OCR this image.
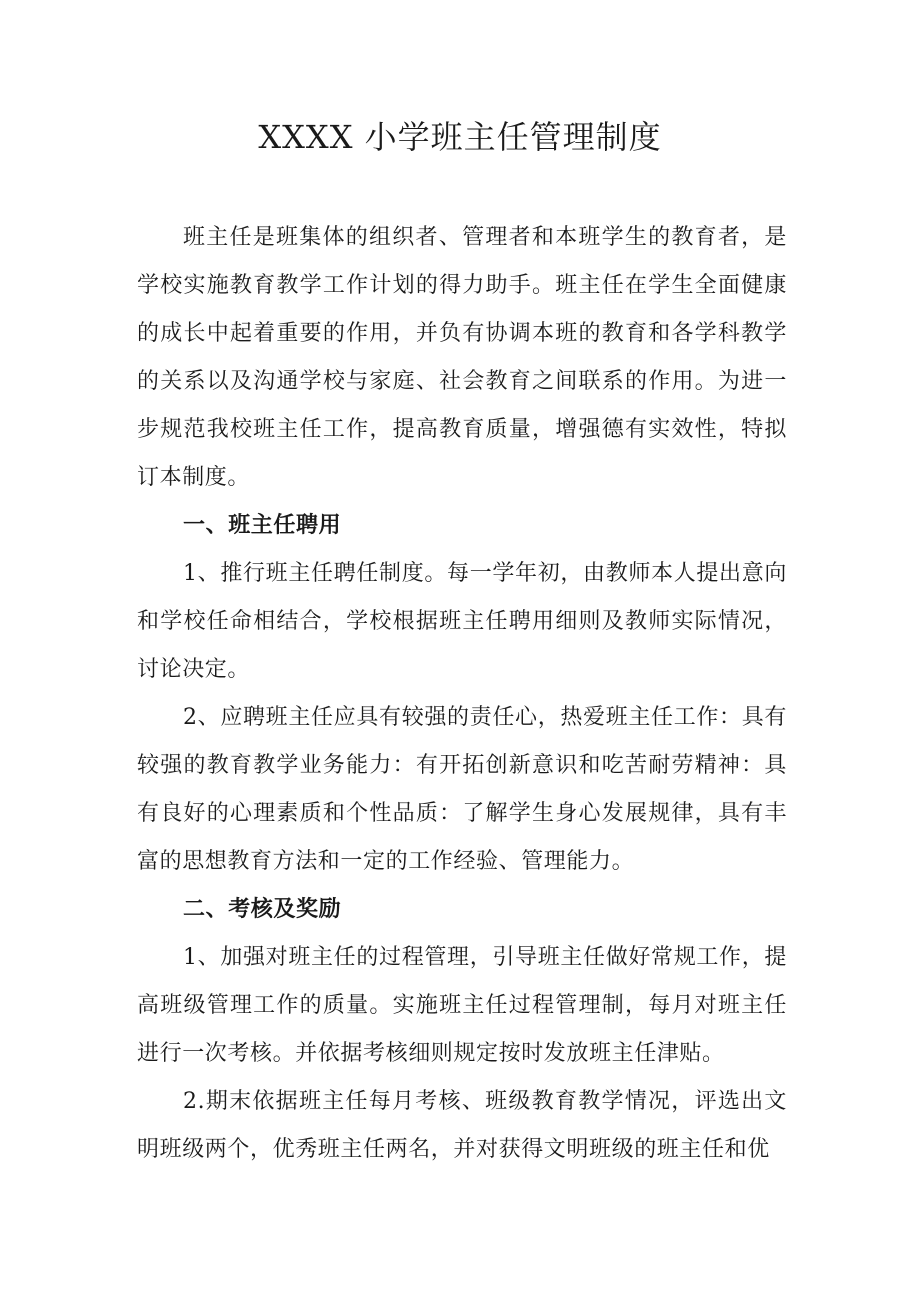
XXXX 小学班主任管理制度

班主任是班集体的组织者、管理者和本班学生的教育者，是学校实施教育教学工作计划的得力助手。班主任在学生全面健康的成长中起着重要的作用，并负有协调本班的教育和各学科教学的关系以及沟通学校与家庭、社会教育之间联系的作用。为进一步规范我校班主任工作，提高教育质量，增强德有实效性，特拟订本制度。

一、班主任聘用

1、推行班主任聘任制度。每一学年初，由教师本人提出意向和学校任命相结合，学校根据班主任聘用细则及教师实际情况，讨论决定。

2、应聘班主任应具有较强的责任心，热爱班主任工作：具有较强的教育教学业务能力：有开拓创新意识和吃苦耐劳精神：具有良好的心理素质和个性品质：了解学生身心发展规律，具有丰富的思想教育方法和一定的工作经验、管理能力。

二、考核及奖励

1、加强对班主任的过程管理，引导班主任做好常规工作，提高班级管理工作的质量。实施班主任过程管理制，每月对班主任进行一次考核。并依据考核细则规定按时发放班主任津贴。

2.期末依据班主任每月考核、班级教育教学情况，评选出文明班级两个，优秀班主任两名，并对获得文明班级的班主任和优
